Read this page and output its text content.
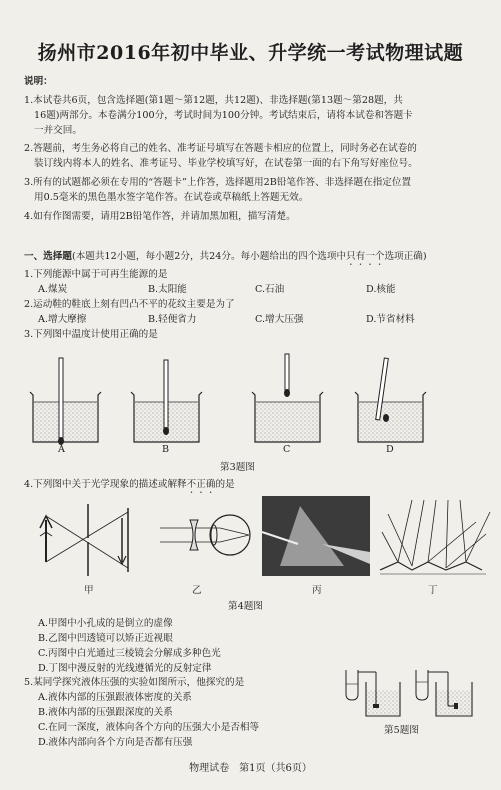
扬州市2016年初中毕业、升学统一考试物理试题
说明：
1.本试卷共6页，包含选择题(第1题～第12题，共12题)、非选择题(第13题～第28题，共
16题)两部分。本卷满分100分，考试时间为100分钟。考试结束后，请将本试卷和答题卡
一并交回。
2.答题前，考生务必将自己的姓名、准考证号填写在答题卡相应的位置上，同时务必在试卷的
装订线内将本人的姓名、准考证号、毕业学校填写好，在试卷第一面的右下角写好座位号。
3.所有的试题都必须在专用的“答题卡”上作答，选择题用2B铅笔作答、非选择题在指定位置
用0.5毫米的黑色墨水签字笔作答。在试卷或草稿纸上答题无效。
4.如有作图需要，请用2B铅笔作答，并请加黑加粗，描写清楚。
一、选择题(本题共12小题，每小题2分，共24分。每小题给出的四个选项中只有一个选项正确)
1.下列能源中属于可再生能源的是
A.煤炭	B.太阳能	C.石油	D.核能
2.运动鞋的鞋底上刻有凹凸不平的花纹主要是为了
A.增大摩擦	B.轻便省力	C.增大压强	D.节省材料
3.下列图中温度计使用正确的是
A	B	C	D
第3题图
4.下列图中关于光学现象的描述或解释不正确的是
甲	乙	丙	丁
第4题图
A.甲图中小孔成的是倒立的虚像
B.乙图中凹透镜可以矫正近视眼
C.丙图中白光通过三棱镜会分解成多种色光
D.丁图中漫反射的光线遵循光的反射定律
5.某同学探究液体压强的实验如图所示，他探究的是
A.液体内部的压强跟液体密度的关系
B.液体内部的压强跟深度的关系
C.在同一深度，液体向各个方向的压强大小是否相等
D.液体内部向各个方向是否都有压强
第5题图
物理试卷　第1页（共6页）
